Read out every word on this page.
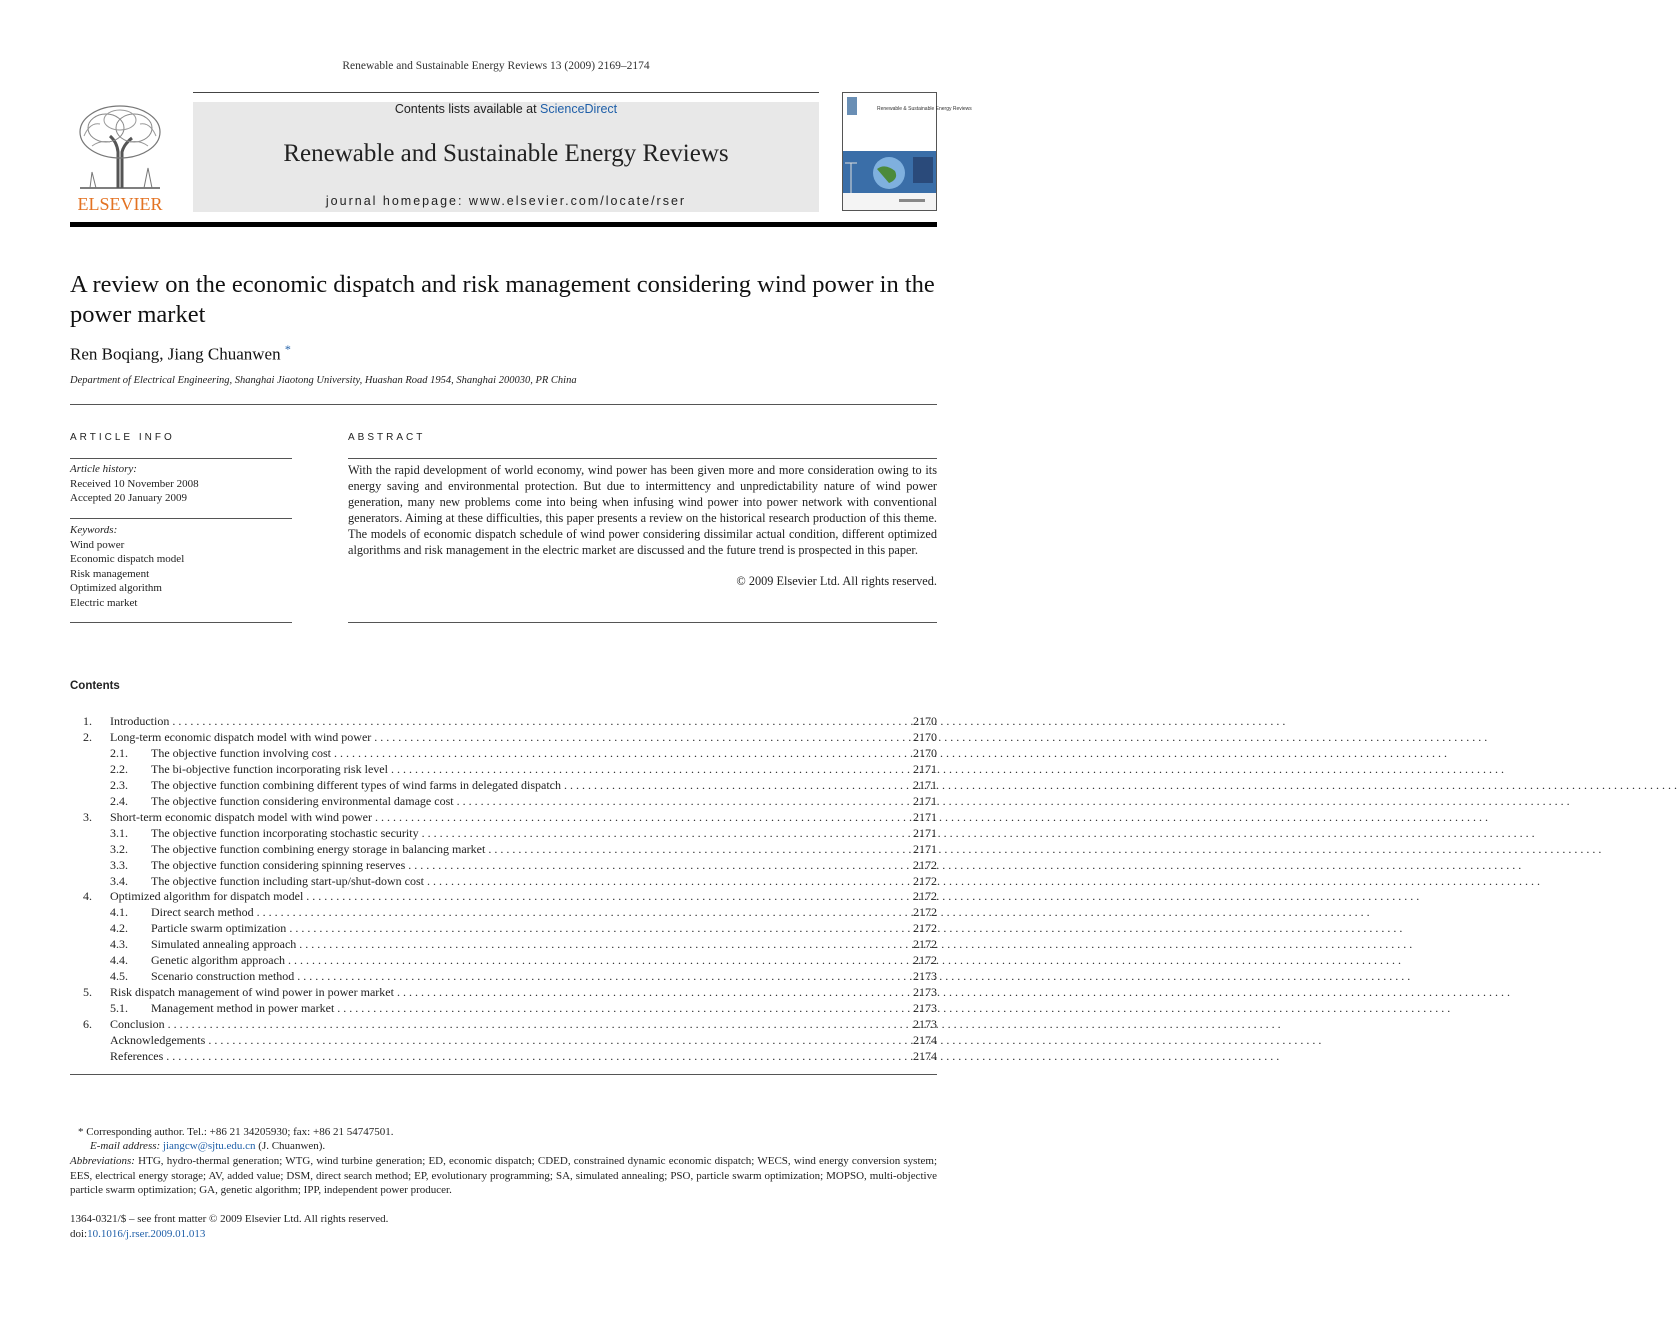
Renewable and Sustainable Energy Reviews 13 (2009) 2169–2174
ELSEVIER
Contents lists available at ScienceDirect
Renewable and Sustainable Energy Reviews
journal homepage: www.elsevier.com/locate/rser
Renewable & Sustainable Energy Reviews
A review on the economic dispatch and risk management considering wind power in the power market
Ren Boqiang, Jiang Chuanwen *
Department of Electrical Engineering, Shanghai Jiaotong University, Huashan Road 1954, Shanghai 200030, PR China
ARTICLE INFO
Article history:
Received 10 November 2008
Accepted 20 January 2009
Keywords:
Wind power
Economic dispatch model
Risk management
Optimized algorithm
Electric market
ABSTRACT
With the rapid development of world economy, wind power has been given more and more consideration owing to its energy saving and environmental protection. But due to intermittency and unpredictability nature of wind power generation, many new problems come into being when infusing wind power into power network with conventional generators. Aiming at these difficulties, this paper presents a review on the historical research production of this theme. The models of economic dispatch schedule of wind power considering dissimilar actual condition, different optimized algorithms and risk management in the electric market are discussed and the future trend is prospected in this paper.
© 2009 Elsevier Ltd. All rights reserved.
Contents
1. Introduction . . .	2170
2. Long-term economic dispatch model with wind power . . .	2170
2.1. The objective function involving cost . . .	2170
2.2. The bi-objective function incorporating risk level . . .	2171
2.3. The objective function combining different types of wind farms in delegated dispatch . . .	2171
2.4. The objective function considering environmental damage cost . . .	2171
3. Short-term economic dispatch model with wind power . . .	2171
3.1. The objective function incorporating stochastic security . . .	2171
3.2. The objective function combining energy storage in balancing market . . .	2171
3.3. The objective function considering spinning reserves . . .	2172
3.4. The objective function including start-up/shut-down cost . . .	2172
4. Optimized algorithm for dispatch model . . .	2172
4.1. Direct search method . . .	2172
4.2. Particle swarm optimization . . .	2172
4.3. Simulated annealing approach . . .	2172
4.4. Genetic algorithm approach . . .	2172
4.5. Scenario construction method . . .	2173
5. Risk dispatch management of wind power in power market . . .	2173
5.1. Management method in power market . . .	2173
6. Conclusion . . .	2173
Acknowledgements . . .	2174
References . . .	2174
* Corresponding author. Tel.: +86 21 34205930; fax: +86 21 54747501.
E-mail address: jiangcw@sjtu.edu.cn (J. Chuanwen).
Abbreviations: HTG, hydro-thermal generation; WTG, wind turbine generation; ED, economic dispatch; CDED, constrained dynamic economic dispatch; WECS, wind energy conversion system; EES, electrical energy storage; AV, added value; DSM, direct search method; EP, evolutionary programming; SA, simulated annealing; PSO, particle swarm optimization; MOPSO, multi-objective particle swarm optimization; GA, genetic algorithm; IPP, independent power producer.
1364-0321/$ – see front matter © 2009 Elsevier Ltd. All rights reserved.
doi:10.1016/j.rser.2009.01.013
